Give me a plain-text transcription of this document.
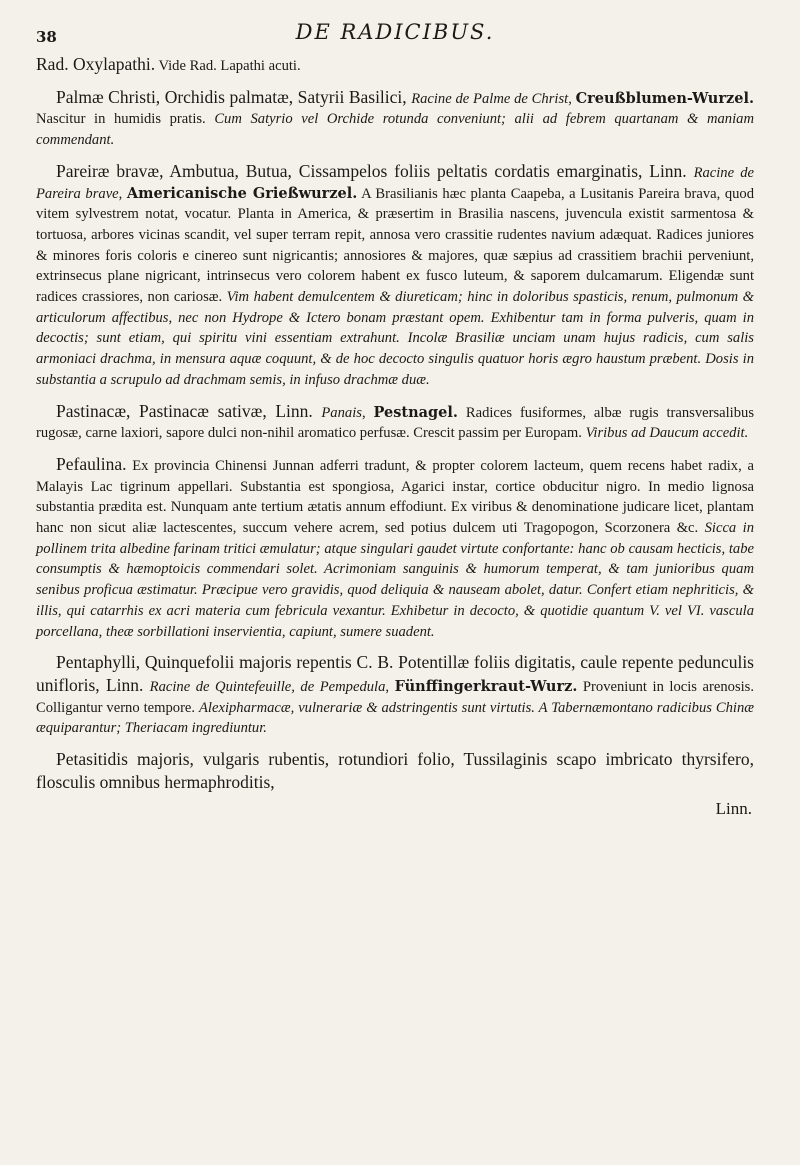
38	DE RADICIBUS.

Rad. Oxylapathi. Vide Rad. Lapathi acuti.

Palmæ Christi, Orchidis palmatæ, Satyrii Basilici, Racine de Palme de Christ, Creußblumen-Wurzel. Nascitur in humidis pratis. Cum Satyrio vel Orchide rotunda conveniunt; alii ad febrem quartanam & maniam commendant.

Pareiræ bravæ, Ambutua, Butua, Cissampelos foliis peltatis cordatis emarginatis, Linn. Racine de Pareira brave, Americanische Grießwurzel. A Brasilianis hæc planta Caapeba, a Lusitanis Pareira brava, quod vitem sylvestrem notat, vocatur. Planta in America, & præsertim in Brasilia nascens, juvencula existit sarmentosa & tortuosa, arbores vicinas scandit, vel super terram repit, annosa vero crassitie rudentes navium adæquat. Radices juniores & minores foris coloris e cinereo sunt nigricantis; annosiores & majores, quæ sæpius ad crassitiem brachii perveniunt, extrinsecus plane nigricant, intrinsecus vero colorem habent ex fusco luteum, & saporem dulcamarum. Eligendæ sunt radices crassiores, non cariosæ. Vim habent demulcentem & diureticam; hinc in doloribus spasticis, renum, pulmonum & articulorum affectibus, nec non Hydrope & Ictero bonam præstant opem. Exhibentur tam in forma pulveris, quam in decoctis; sunt etiam, qui spiritu vini essentiam extrahunt. Incolæ Brasiliæ unciam unam hujus radicis, cum salis armoniaci drachma, in mensura aquæ coquunt, & de hoc decocto singulis quatuor horis ægro haustum præbent. Dosis in substantia a scrupulo ad drachmam semis, in infuso drachmæ duæ.

Pastinacæ, Pastinacæ sativæ, Linn. Panais, Pestnagel. Radices fusiformes, albæ rugis transversalibus rugosæ, carne laxiori, sapore dulci non-nihil aromatico perfusæ. Crescit passim per Europam. Viribus ad Daucum accedit.

Pefaulina. Ex provincia Chinensi Junnan adferri tradunt, & propter colorem lacteum, quem recens habet radix, a Malayis Lac tigrinum appellari. Substantia est spongiosa, Agarici instar, cortice obducitur nigro. In medio lignosa substantia prædita est. Nunquam ante tertium ætatis annum effodiunt. Ex viribus & denominatione judicare licet, plantam hanc non sicut aliæ lactescentes, succum vehere acrem, sed potius dulcem uti Tragopogon, Scorzonera &c. Sicca in pollinem trita albedine farinam tritici æmulatur; atque singulari gaudet virtute confortante: hanc ob causam hecticis, tabe consumptis & hæmoptoicis commendari solet. Acrimoniam sanguinis & humorum temperat, & tam junioribus quam senibus proficua æstimatur. Præcipue vero gravidis, quod deliquia & nauseam abolet, datur. Confert etiam nephriticis, & illis, qui catarrhis ex acri materia cum febricula vexantur. Exhibetur in decocto, & quotidie quantum V. vel VI. vascula porcellana, theæ sorbillationi inservientia, capiunt, sumere suadent.

Pentaphylli, Quinquefolii majoris repentis C. B. Potentillæ foliis digitatis, caule repente pedunculis unifloris, Linn. Racine de Quintefeuille, de Pempedula, Fünffingerkraut-Wurz. Proveniunt in locis arenosis. Colligantur verno tempore. Alexipharmacæ, vulnerariæ & adstringentis sunt virtutis. A Tabernæmontano radicibus Chinæ æquiparantur; Theriacam ingrediuntur.

Petasitidis majoris, vulgaris rubentis, rotundiori folio, Tussilaginis scapo imbricato thyrsifero, flosculis omnibus hermaphroditis,

Linn.
